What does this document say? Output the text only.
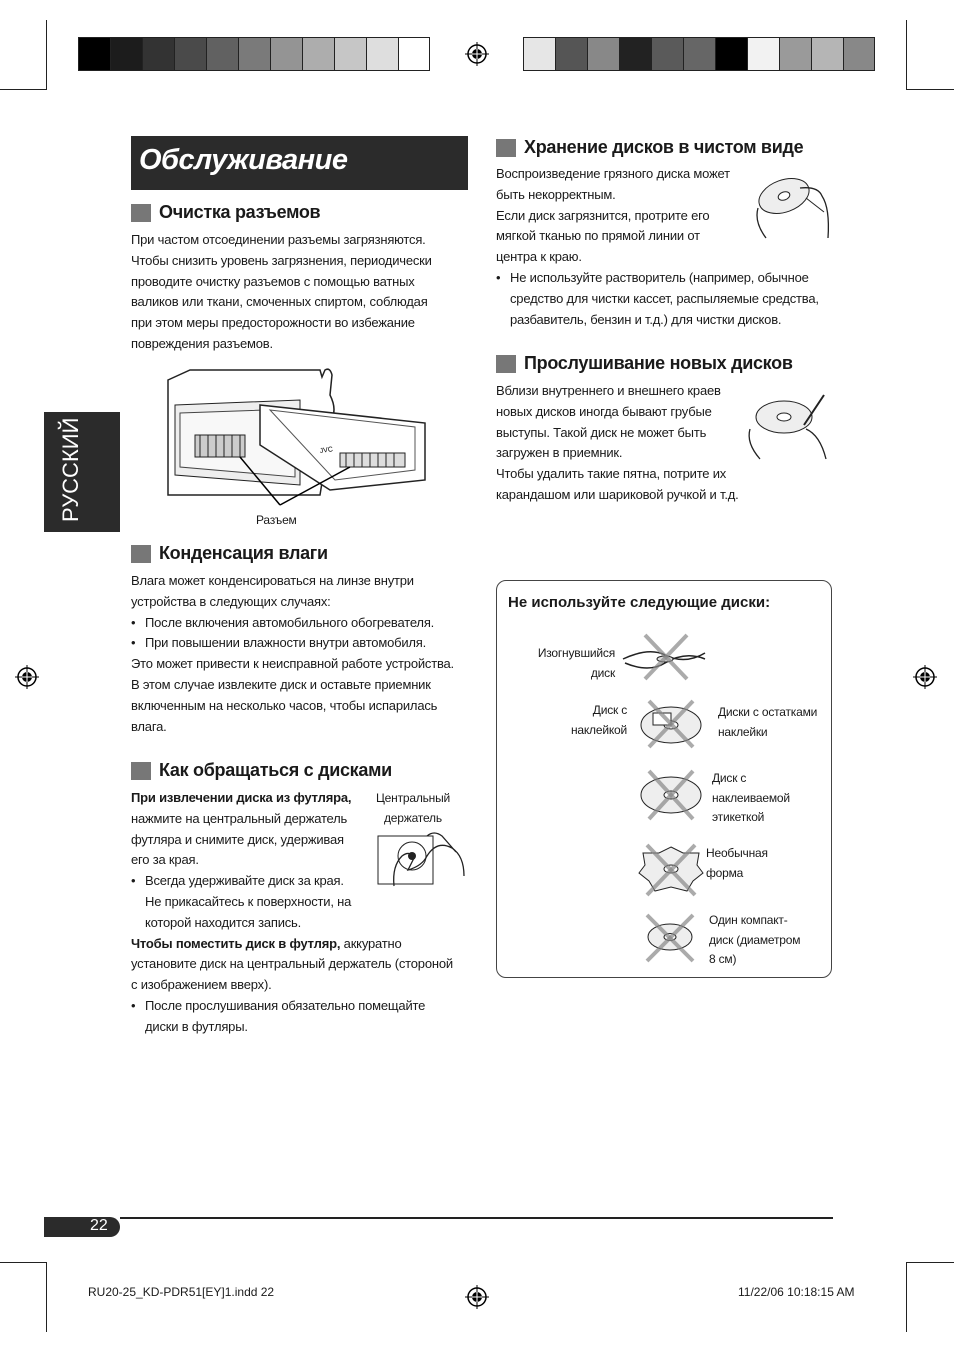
Обслуживание
РУССКИЙ
Очистка разъемов

При частом отсоединении разъемы загрязняются.

Чтобы снизить уровень загрязнения, периодически

проводите очистку разъемов с помощью ватных

валиков или ткани, смоченных спиртом, соблюдая

при этом меры предосторожности во избежание

повреждения разъемов.

JVC
Разъем
Конденсация влаги

Влага может конденсироваться на линзе внутри

устройства в следующих случаях:

• После включения автомобильного обогревателя.
• При повышении влажности внутри автомобиля.

Это может привести к неисправной работе устройства.

В этом случае извлеките диск и оставьте приемник

включенным на несколько часов, чтобы испарилась

влага.

Как обращаться с дисками

При извлечении диска из футляра,

нажмите на центральный держатель

футляра и снимите диск, удерживая

его за края.

• Всегда удерживайте диск за края.

Не прикасайтесь к поверхности, на

которой находится запись.

Чтобы поместить диск в футляр, аккуратно

установите диск на центральный держатель (стороной

с изображением вверх).

• После прослушивания обязательно помещайте

диски в футляры.

Центральный
держатель
Хранение дисков в чистом виде

Воспроизведение грязного диска может

быть некорректным.

Если диск загрязнится, протрите его

мягкой тканью по прямой линии от

центра к краю.

• Не используйте растворитель (например, обычное

средство для чистки кассет, распыляемые средства,

разбавитель, бензин и т.д.) для чистки дисков.

Прослушивание новых дисков

Вблизи внутреннего и внешнего краев

новых дисков иногда бывают грубые

выступы. Такой диск не может быть

загружен в приемник.

Чтобы удалить такие пятна, потрите их

карандашом или шариковой ручкой и т.д.

Не используйте следующие диски:
Изогнувшийся
диск
Диск с
наклейкой
Диски с остатками
наклейки
Диск с
наклеиваемой
этикеткой
Необычная
форма
Один компакт-
диск (диаметром
8 см)
22
RU20-25_KD-PDR51[EY]1.indd 22	11/22/06 10:18:15 AM
